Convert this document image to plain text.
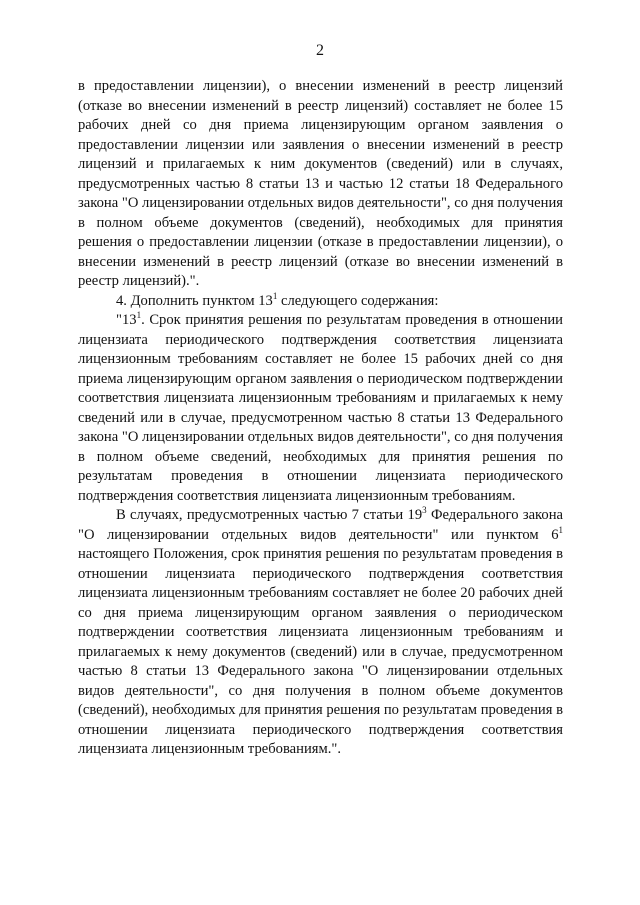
2

в предоставлении лицензии), о внесении изменений в реестр лицензий (отказе во внесении изменений в реестр лицензий) составляет не более 15 рабочих дней со дня приема лицензирующим органом заявления о предоставлении лицензии или заявления о внесении изменений в реестр лицензий и прилагаемых к ним документов (сведений) или в случаях, предусмотренных частью 8 статьи 13 и частью 12 статьи 18 Федерального закона "О лицензировании отдельных видов деятельности", со дня получения в полном объеме документов (сведений), необходимых для принятия решения о предоставлении лицензии (отказе в предоставлении лицензии), о внесении изменений в реестр лицензий (отказе во внесении изменений в реестр лицензий).".

4. Дополнить пунктом $13^1$ следующего содержания:

"$13^1$. Срок принятия решения по результатам проведения в отношении лицензиата периодического подтверждения соответствия лицензиата лицензионным требованиям составляет не более 15 рабочих дней со дня приема лицензирующим органом заявления о периодическом подтверждении соответствия лицензиата лицензионным требованиям и прилагаемых к нему сведений или в случае, предусмотренном частью 8 статьи 13 Федерального закона "О лицензировании отдельных видов деятельности", со дня получения в полном объеме сведений, необходимых для принятия решения по результатам проведения в отношении лицензиата периодического подтверждения соответствия лицензиата лицензионным требованиям.

В случаях, предусмотренных частью 7 статьи $19^3$ Федерального закона "О лицензировании отдельных видов деятельности" или пунктом $6^1$ настоящего Положения, срок принятия решения по результатам проведения в отношении лицензиата периодического подтверждения соответствия лицензиата лицензионным требованиям составляет не более 20 рабочих дней со дня приема лицензирующим органом заявления о периодическом подтверждении соответствия лицензиата лицензионным требованиям и прилагаемых к нему документов (сведений) или в случае, предусмотренном частью 8 статьи 13 Федерального закона "О лицензировании отдельных видов деятельности", со дня получения в полном объеме документов (сведений), необходимых для принятия решения по результатам проведения в отношении лицензиата периодического подтверждения соответствия лицензиата лицензионным требованиям.".
